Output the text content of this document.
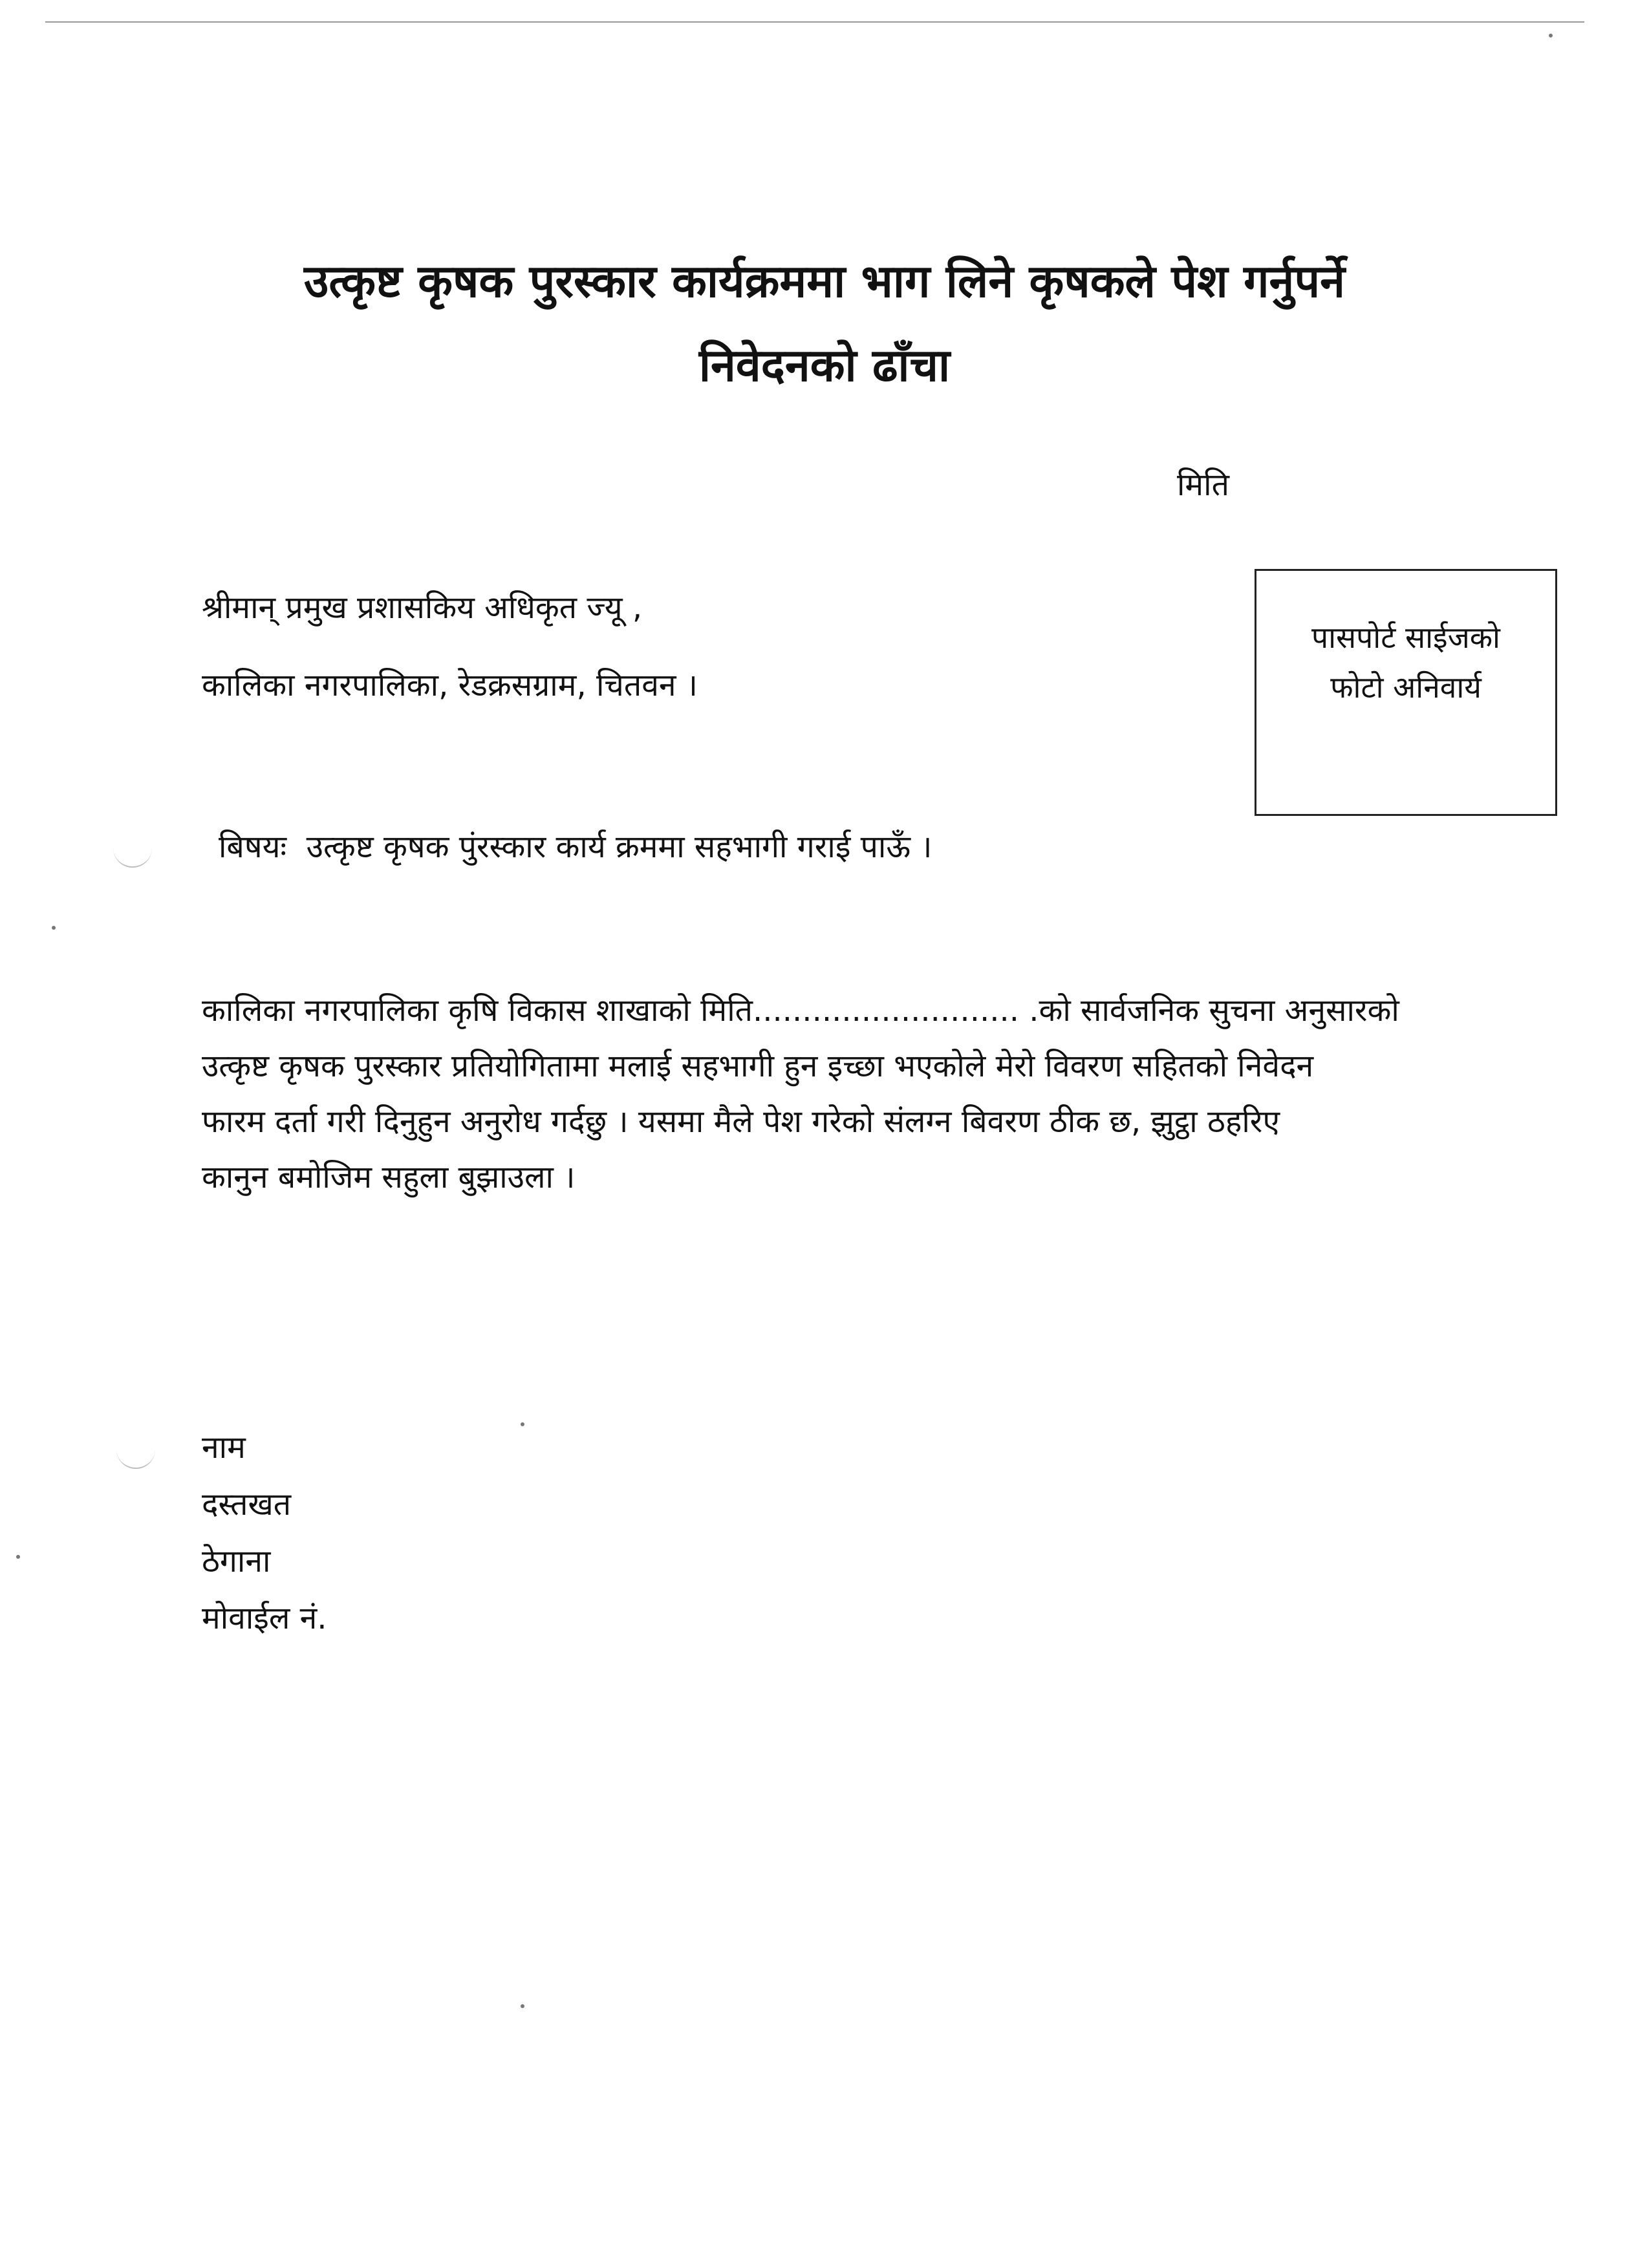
उत्कृष्ट कृषक पुरस्कार कार्यक्रममा भाग लिने कृषकले पेश गर्नुपर्ने
निवेदनको ढाँचा
मिति
श्रीमान् प्रमुख प्रशासकिय अधिकृत ज्यू ,
कालिका नगरपालिका, रेडक्रसग्राम, चितवन ।
पासपोर्ट साईजको
फोटो अनिवार्य
बिषयः उत्कृष्ट कृषक पुंरस्कार कार्य क्रममा सहभागी गराई पाऊँ ।
कालिका नगरपालिका कृषि विकास शाखाको मिति........................... .को सार्वजनिक सुचना अनुसारको
उत्कृष्ट कृषक पुरस्कार प्रतियोगितामा मलाई सहभागी हुन इच्छा भएकोले मेरो विवरण सहितको निवेदन
फारम दर्ता गरी दिनुहुन अनुरोध गर्दछु । यसमा मैले पेश गरेको संलग्न बिवरण ठीक छ, झुट्ठा ठहरिए
कानुन बमोजिम सहुला बुझाउला ।
नाम
दस्तखत
ठेगाना
मोवाईल नं.
